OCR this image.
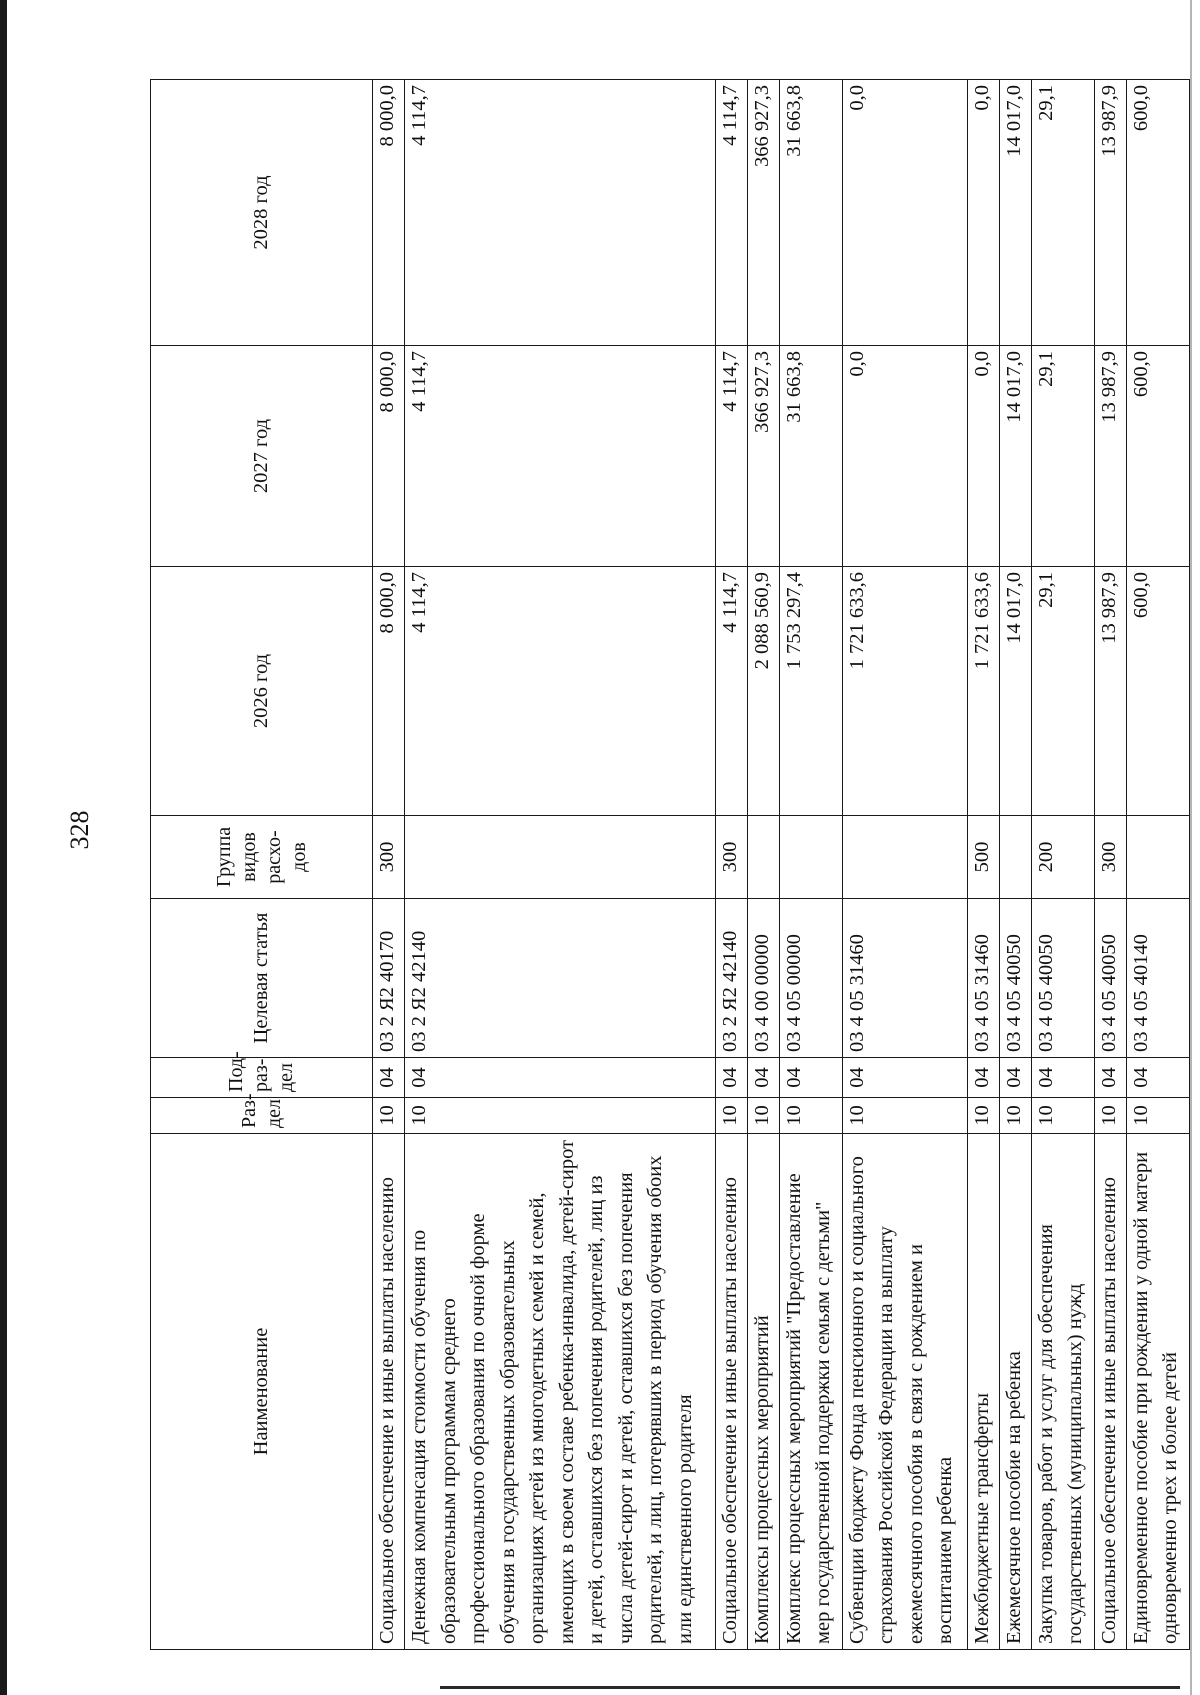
328
Наименование	Раз-дел	Под-раз-дел	Целевая статья	Группа видов расхо-дов	2026 год	2027 год	2028 год
Социальное обеспечение и иные выплаты населению	10	04	03 2 Я2 40170	300	8 000,0	8 000,0	8 000,0
Денежная компенсация стоимости обучения по образовательным программам среднего профессионального образования по очной форме обучения в государственных образовательных организациях детей из многодетных семей и семей, имеющих в своем составе ребенка-инвалида, детей-сирот и детей, оставшихся без попечения родителей, лиц из числа детей-сирот и детей, оставшихся без попечения родителей, и лиц, потерявших в период обучения обоих или единственного родителя	10	04	03 2 Я2 42140		4 114,7	4 114,7	4 114,7
Социальное обеспечение и иные выплаты населению	10	04	03 2 Я2 42140	300	4 114,7	4 114,7	4 114,7
Комплексы процессных мероприятий	10	04	03 4 00 00000		2 088 560,9	366 927,3	366 927,3
Комплекс процессных мероприятий "Предоставление мер государственной поддержки семьям с детьми"	10	04	03 4 05 00000		1 753 297,4	31 663,8	31 663,8
Субвенции бюджету Фонда пенсионного и социального страхования Российской Федерации на выплату ежемесячного пособия в связи с рождением и воспитанием ребенка	10	04	03 4 05 31460		1 721 633,6	0,0	0,0
Межбюджетные трансферты	10	04	03 4 05 31460	500	1 721 633,6	0,0	0,0
Ежемесячное пособие на ребенка	10	04	03 4 05 40050		14 017,0	14 017,0	14 017,0
Закупка товаров, работ и услуг для обеспечения государственных (муниципальных) нужд	10	04	03 4 05 40050	200	29,1	29,1	29,1
Социальное обеспечение и иные выплаты населению	10	04	03 4 05 40050	300	13 987,9	13 987,9	13 987,9
Единовременное пособие при рождении у одной матери одновременно трех и более детей	10	04	03 4 05 40140		600,0	600,0	600,0
